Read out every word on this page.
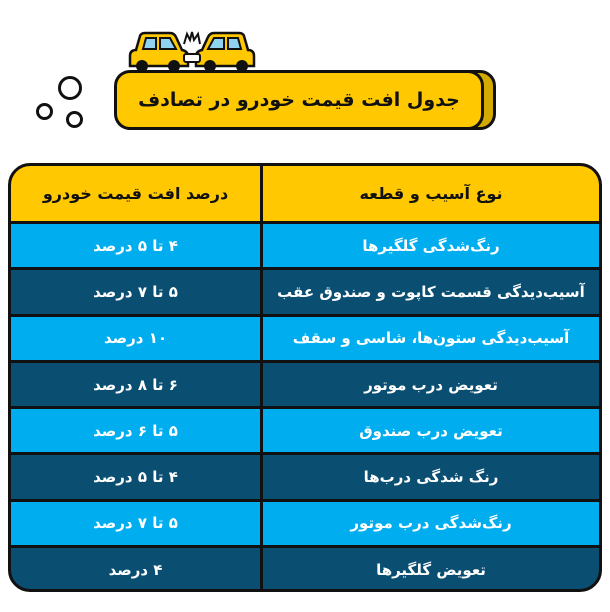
جدول افت قیمت خودرو در تصادف
نوع آسیب و قطعه
درصد افت قیمت خودرو
رنگ‌شدگی گلگیرها
۴ تا ۵ درصد
آسیب‌دیدگی قسمت کاپوت و صندوق عقب
۵ تا ۷ درصد
آسیب‌دیدگی ستون‌ها، شاسی و سقف
۱۰ درصد
تعویض درب موتور
۶ تا ۸ درصد
تعویض درب صندوق
۵ تا ۶ درصد
رنگ شدگی درب‌ها
۴ تا ۵ درصد
رنگ‌شدگی درب موتور
۵ تا ۷ درصد
تعویض گلگیرها
۴ درصد
